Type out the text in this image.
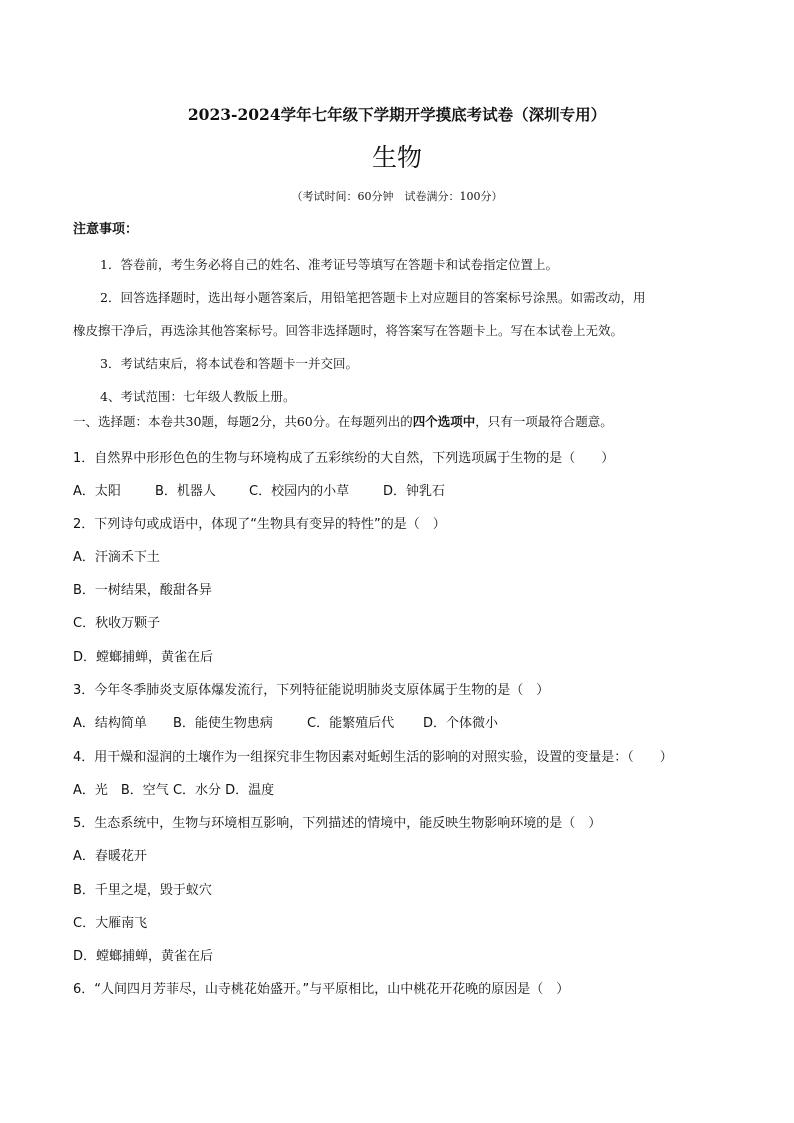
2023-2024学年七年级下学期开学摸底考试卷（深圳专用）
生物
（考试时间：60分钟　试卷满分：100分）
注意事项：
1．答卷前，考生务必将自己的姓名、准考证号等填写在答题卡和试卷指定位置上。
2．回答选择题时，选出每小题答案后，用铅笔把答题卡上对应题目的答案标号涂黑。如需改动，用
橡皮擦干净后，再选涂其他答案标号。回答非选择题时，将答案写在答题卡上。写在本试卷上无效。
3．考试结束后，将本试卷和答题卡一并交回。
4、考试范围：七年级人教版上册。
一、选择题：本卷共30题，每题2分，共60分。在每题列出的四个选项中，只有一项最符合题意。
1．自然界中形形色色的生物与环境构成了五彩缤纷的大自然，下列选项属于生物的是（　　）
A．太阳	B．机器人	C．校园内的小草	D．钟乳石
2．下列诗句或成语中，体现了“生物具有变异的特性”的是（　）
A．汗滴禾下土
B．一树结果，酸甜各异
C．秋收万颗子
D．螳螂捕蝉，黄雀在后
3．今年冬季肺炎支原体爆发流行，下列特征能说明肺炎支原体属于生物的是（　）
A．结构简单 B．能使生物患病	C．能繁殖后代 D．个体微小
4．用干燥和湿润的土壤作为一组探究非生物因素对蚯蚓生活的影响的对照实验，设置的变量是：（　　）
A．光　B．空气 C．水分 D．温度
5．生态系统中，生物与环境相互影响，下列描述的情境中，能反映生物影响环境的是（　）
A．春暖花开
B．千里之堤，毁于蚁穴
C．大雁南飞
D．螳螂捕蝉，黄雀在后
6．“人间四月芳菲尽，山寺桃花始盛开。”与平原相比，山中桃花开花晚的原因是（　）
